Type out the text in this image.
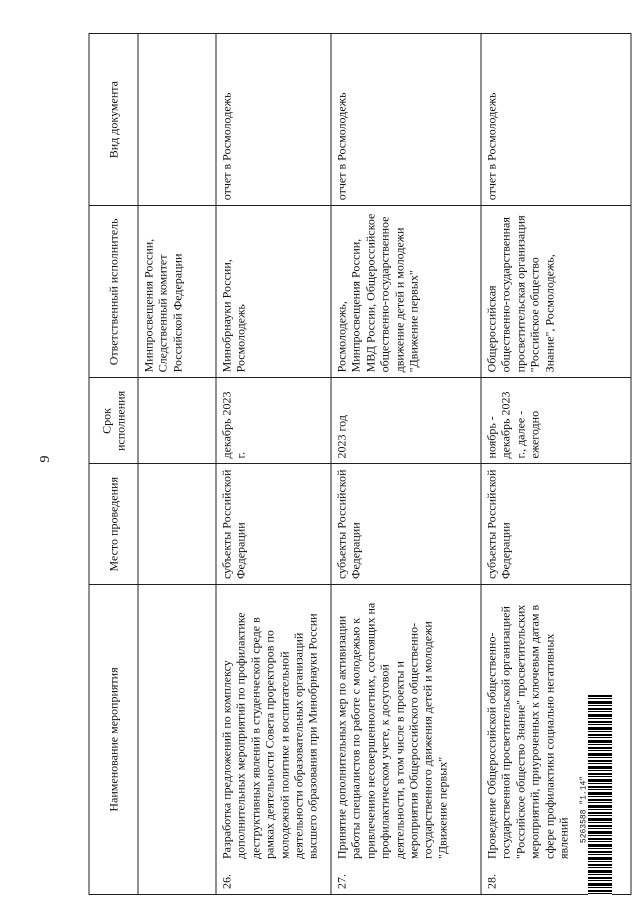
9
Наименование мероприятия	Место проведения	Срок исполнения	Ответственный исполнитель	Вид документа
			Минпросвещения России, Следственный комитет Российской Федерации	
26.Разработка предложений по комплексу дополнительных мероприятий по профилактике деструктивных явлений в студенческой среде в рамках деятельности Совета проректоров по молодежной политике и воспитательной деятельности образовательных организаций высшего образования при Минобрнауки России	субъекты Российской Федерации	декабрь 2023 г.	Минобрнауки России, Росмолодежь	отчет в Росмолодежь
27.Принятие дополнительных мер по активизации работы специалистов по работе с молодежью к привлечению несовершеннолетних, состоящих на профилактическом учете, к досуговой деятельности, в том числе в проекты и мероприятия Общероссийского общественно-государственного движения детей и молодежи "Движение первых"	субъекты Российской Федерации	2023 год	Росмолодежь, Минпросвещения России, МВД России, Общероссийское общественно-государственное движение детей и молодежи "Движение первых"	отчет в Росмолодежь
28.Проведение Общероссийской общественно-государственной просветительской организацией "Российское общество Знание" просветительских мероприятий, приуроченных к ключевым датам в сфере профилактики социально негативных явлений	субъекты Российской Федерации	ноябрь - декабрь 2023 г., далее - ежегодно	Общероссийская общественно-государственная просветительская организация "Российское общество Знание", Росмолодежь,	отчет в Росмолодежь
5263588 "1.14"
